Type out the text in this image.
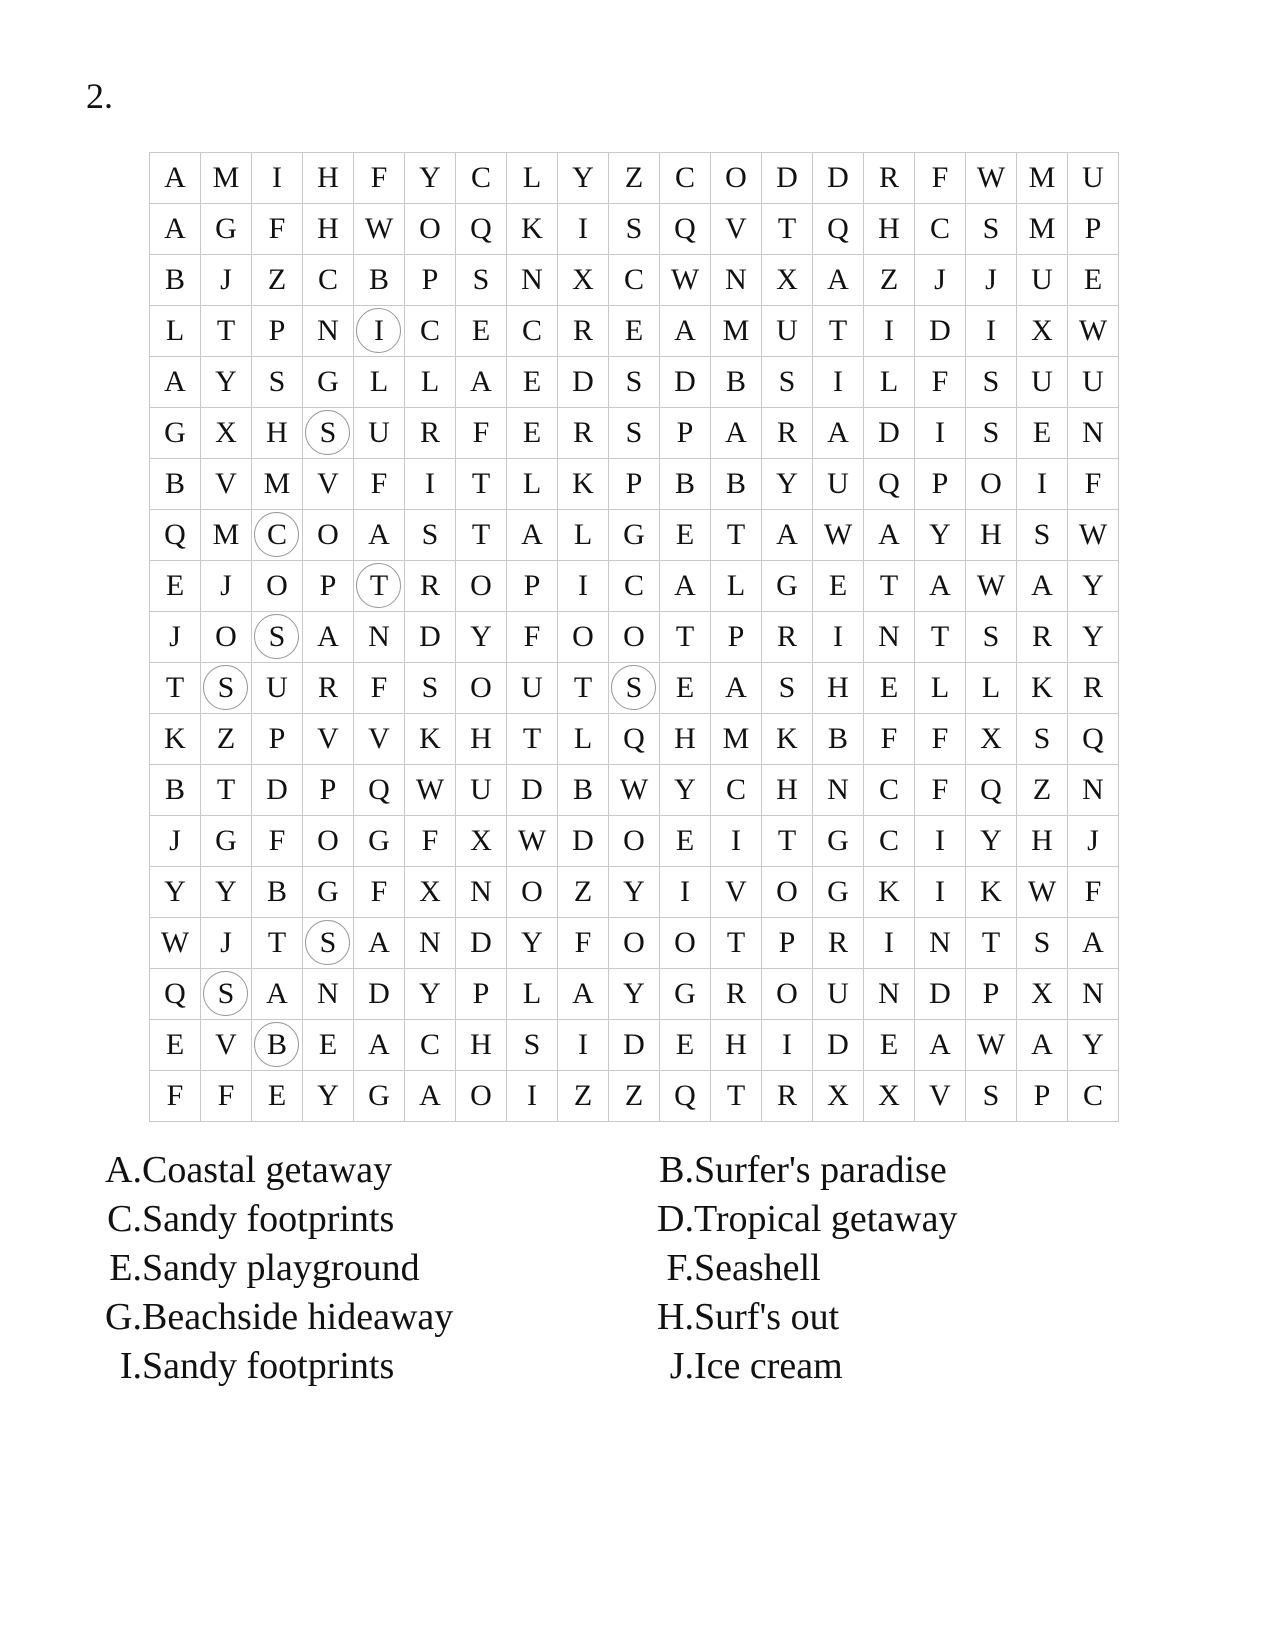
2.
A M	I	H	F	Y	C	L	Y	Z	C	O D D	R	F W M U
A G	F	H W O Q K	I	S	Q V	T	Q H	C	S M P
B	J	Z	C	B	P	S	N X	C W N X A	Z	J	J	U	E
L	T	P	N	I	C	E	C	R	E	A M U	T	I	D	I	X W
A Y	S	G	L	L	A	E	D	S	D	B	S	I	L	F	S	U U
G X H	S	U	R	F	E	R	S	P	A	R	A D	I	S	E	N
B	V M V	F	I	T	L	K	P	B	B	Y U Q	P	O	I	F
Q M C	O A	S	T	A	L	G	E	T	A W A Y H	S W
E	J	O	P	T	R	O	P	I	C	A	L	G	E	T	A W A Y
J	O	S	A N D Y	F	O O	T	P	R	I	N	T	S	R	Y
T	S	U	R	F	S	O U	T	S	E	A	S	H	E	L	L	K	R
K	Z	P	V V K H	T	L	Q H M K	B	F	F	X	S	Q
B	T	D	P	Q W U D	B W Y	C	H N	C	F	Q	Z	N
J	G	F	O G	F	X W D O	E	I	T	G	C	I	Y H	J
Y Y	B	G	F	X N O	Z	Y	I	V O G K	I	K W F
W	J	T	S	A N D Y	F	O O	T	P	R	I	N	T	S	A
Q	S	A N D Y	P	L	A Y G	R	O U N D	P	X N
E	V	B	E	A	C	H	S	I	D	E	H	I	D	E	A W A Y
F	F	E	Y G A O	I	Z	Z	Q	T	R	X X V	S	P	C
A. Coastal getaway	B. Surfer's paradise
C. Sandy footprints	D. Tropical getaway
E. Sandy playground	F. Seashell
G. Beachside hideaway	H. Surf's out
I. Sandy footprints	J. Ice cream
